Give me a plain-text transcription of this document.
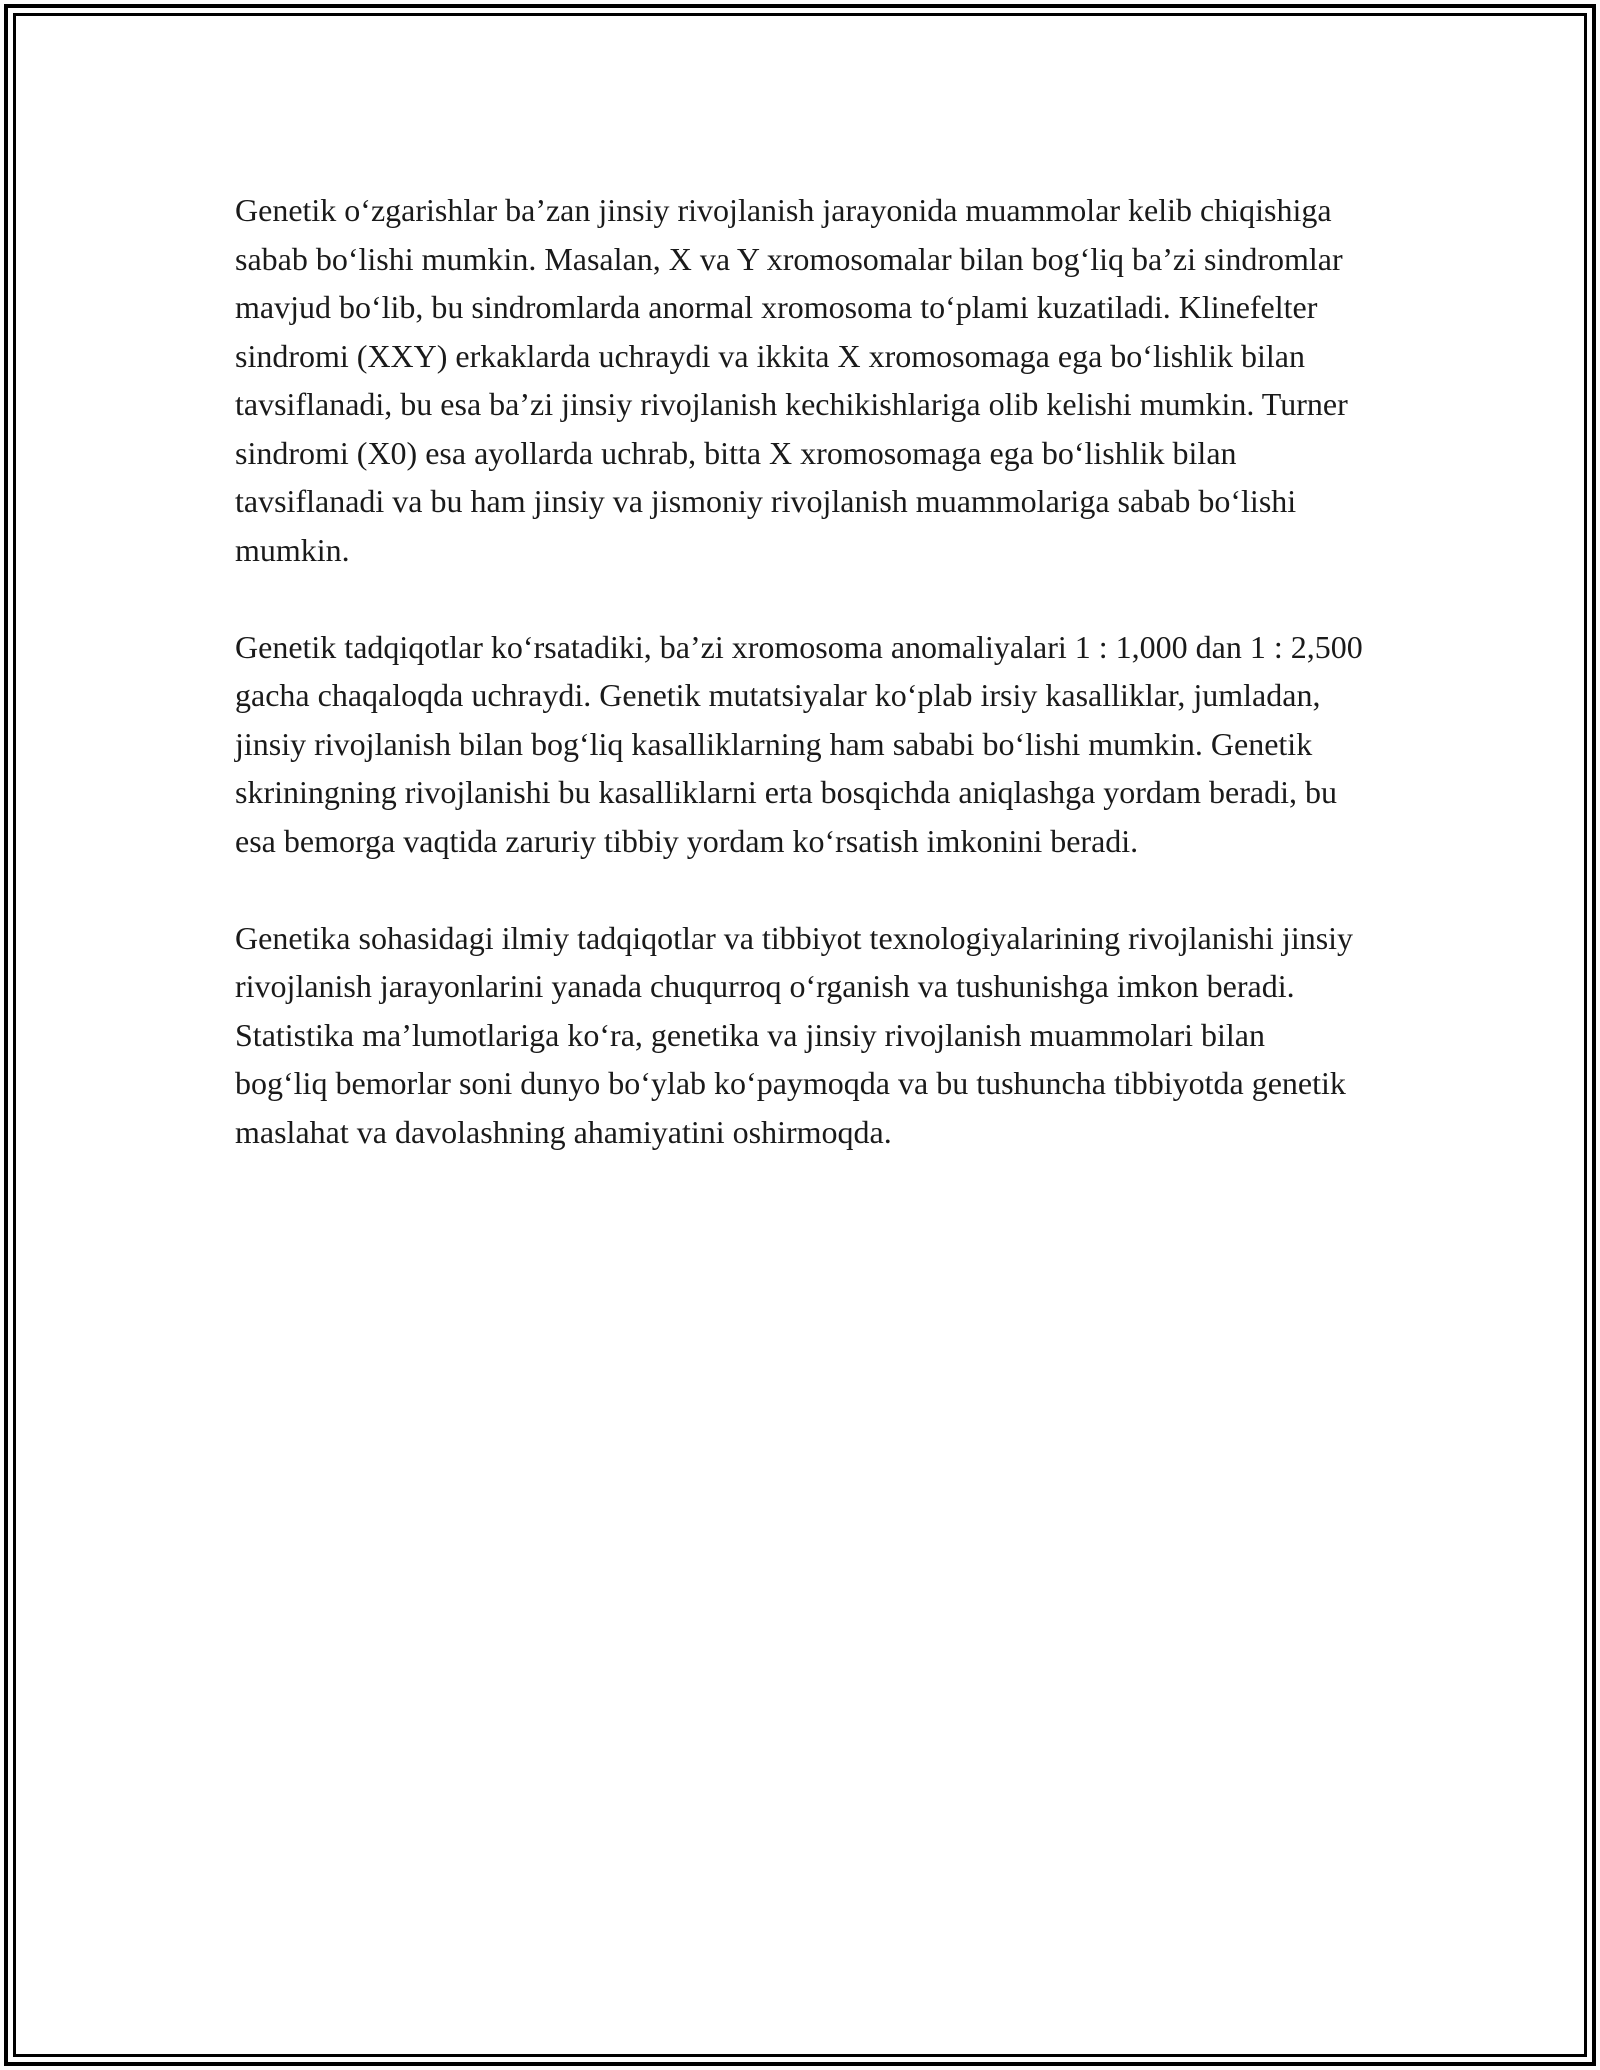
Genetik o‘zgarishlar ba’zan jinsiy rivojlanish jarayonida muammolar kelib chiqishiga sabab bo‘lishi mumkin. Masalan, X va Y xromosomalar bilan bog‘liq ba’zi sindromlar mavjud bo‘lib, bu sindromlarda anormal xromosoma to‘plami kuzatiladi. Klinefelter sindromi (XXY) erkaklarda uchraydi va ikkita X xromosomaga ega bo‘lishlik bilan tavsiflanadi, bu esa ba’zi jinsiy rivojlanish kechikishlariga olib kelishi mumkin. Turner sindromi (X0) esa ayollarda uchrab, bitta X xromosomaga ega bo‘lishlik bilan tavsiflanadi va bu ham jinsiy va jismoniy rivojlanish muammolariga sabab bo‘lishi mumkin.

Genetik tadqiqotlar ko‘rsatadiki, ba’zi xromosoma anomaliyalari 1 : 1,000 dan 1 : 2,500 gacha chaqaloqda uchraydi. Genetik mutatsiyalar ko‘plab irsiy kasalliklar, jumladan, jinsiy rivojlanish bilan bog‘liq kasalliklarning ham sababi bo‘lishi mumkin. Genetik skriningning rivojlanishi bu kasalliklarni erta bosqichda aniqlashga yordam beradi, bu esa bemorga vaqtida zaruriy tibbiy yordam ko‘rsatish imkonini beradi.

Genetika sohasidagi ilmiy tadqiqotlar va tibbiyot texnologiyalarining rivojlanishi jinsiy rivojlanish jarayonlarini yanada chuqurroq o‘rganish va tushunishga imkon beradi. Statistika ma’lumotlariga ko‘ra, genetika va jinsiy rivojlanish muammolari bilan bog‘liq bemorlar soni dunyo bo‘ylab ko‘paymoqda va bu tushuncha tibbiyotda genetik maslahat va davolashning ahamiyatini oshirmoqda.
